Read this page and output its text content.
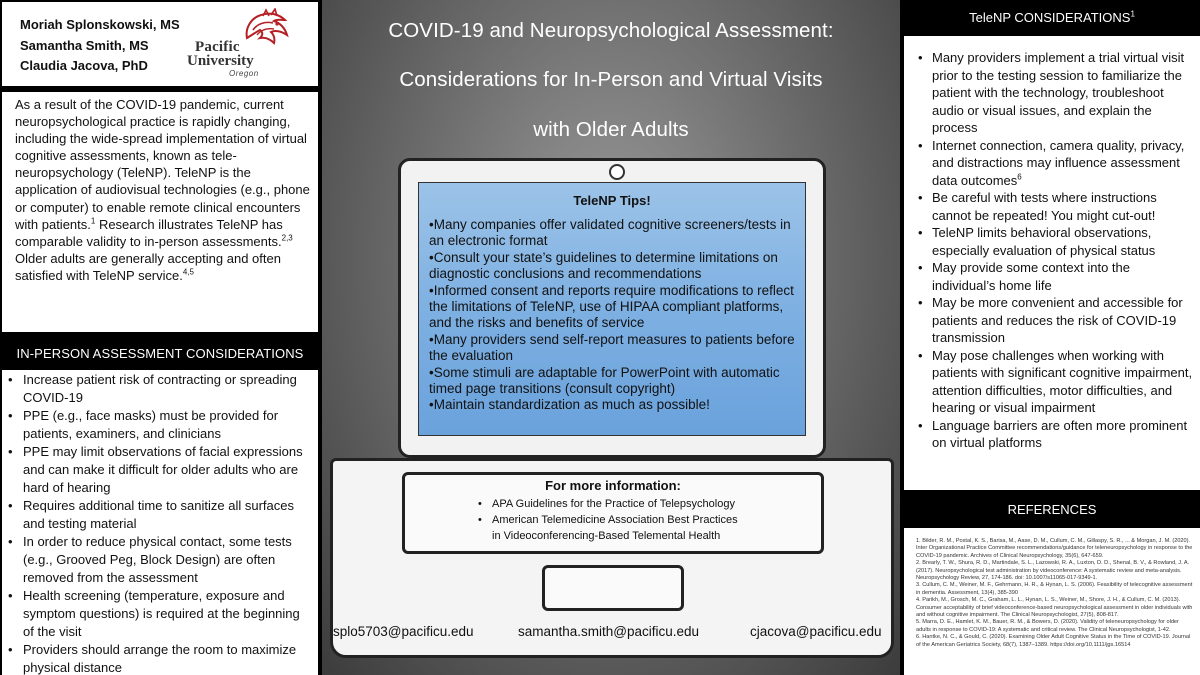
Moriah Splonskowski, MS
Samantha Smith, MS
Claudia Jacova, PhD
Pacific
University
Oregon

As a result of the COVID-19 pandemic, current neuropsychological practice is rapidly changing, including the wide-spread implementation of virtual cognitive assessments, known as tele-neuropsychology (TeleNP). TeleNP is the application of audiovisual technologies (e.g., phone or computer) to enable remote clinical encounters with patients.$^1$ Research illustrates TeleNP has comparable validity to in-person assessments.$^{2,3}$ Older adults are generally accepting and often satisfied with TeleNP service.$^{4,5}$

IN-PERSON ASSESSMENT CONSIDERATIONS
• Increase patient risk of contracting or spreading COVID-19
• PPE (e.g., face masks) must be provided for patients, examiners, and clinicians
• PPE may limit observations of facial expressions and can make it difficult for older adults who are hard of hearing
• Requires additional time to sanitize all surfaces and testing material
• In order to reduce physical contact, some tests (e.g., Grooved Peg, Block Design) are often removed from the assessment
• Health screening (temperature, exposure and symptom questions) is required at the beginning of the visit
• Providers should arrange the room to maximize physical distance
COVID-19 and Neuropsychological Assessment:
Considerations for In-Person and Virtual Visits
with Older Adults
TeleNP Tips!
•Many companies offer validated cognitive screeners/tests in an electronic format
•Consult your state’s guidelines to determine limitations on diagnostic conclusions and recommendations
•Informed consent and reports require modifications to reflect the limitations of TeleNP, use of HIPAA compliant platforms, and the risks and benefits of service
•Many providers send self-report measures to patients before the evaluation
•Some stimuli are adaptable for PowerPoint with automatic timed page transitions (consult copyright)
•Maintain standardization as much as possible!
For more information:
• APA Guidelines for the Practice of Telepsychology
• American Telemedicine Association Best Practices
in Videoconferencing-Based Telemental Health
splo5703@pacificu.edu	samantha.smith@pacificu.edu	cjacova@pacificu.edu
TeleNP CONSIDERATIONS$^1$
• Many providers implement a trial virtual visit prior to the testing session to familiarize the patient with the technology, troubleshoot audio or visual issues, and explain the process
• Internet connection, camera quality, privacy, and distractions may influence assessment data outcomes$^6$
• Be careful with tests where instructions cannot be repeated! You might cut-out!
• TeleNP limits behavioral observations, especially evaluation of physical status
• May provide some context into the individual’s home life
• May be more convenient and accessible for patients and reduces the risk of COVID-19 transmission
• May pose challenges when working with patients with significant cognitive impairment, attention difficulties, motor difficulties, and hearing or visual impairment
• Language barriers are often more prominent on virtual platforms
REFERENCES
1. Bilder, R. M., Postal, K. S., Barisa, M., Aase, D. M., Cullum, C. M., Gillaspy, S. R., ... & Morgan, J. M. (2020). Inter Organizational Practice Committee recommendations/guidance for teleneuropsychology in response to the COVID-19 pandemic. Archives of Clinical Neuropsychology, 35(6), 647-659.
2. Brearly, T. W., Shura, R. D., Martindale, S. L., Lazowski, R. A., Luxton, D. D., Shenal, B. V., & Rowland, J. A. (2017). Neuropsychological test administration by videoconference: A systematic review and meta-analysis. Neuropsychology Review, 27, 174-186. doi: 10.1007/s11065-017-9349-1.
3. Cullum, C. M., Weiner, M. F., Gehrmann, H. R., & Hynan, L. S. (2006). Feasibility of telecognitive assessment in dementia. Assessment, 13(4), 385-390
4. Parikh, M., Grosch, M. C., Graham, L. L., Hynan, L. S., Weiner, M., Shore, J. H., & Cullum, C. M. (2013). Consumer acceptability of brief videoconference-based neuropsychological assessment in older individuals with and without cognitive impairment. The Clinical Neuropsychologist, 27(5), 808-817.
5. Marra, D. E., Hamlet, K. M., Bauer, R. M., & Bowers, D. (2020). Validity of teleneuropsychology for older adults in response to COVID-19: A systematic and critical review. The Clinical Neuropsychologist, 1-42.
6. Hantke, N. C., & Gould, C. (2020). Examining Older Adult Cognitive Status in the Time of COVID-19. Journal of the American Geriatrics Society, 68(7), 1387–1389. https://doi.org/10.1111/jgs.16514
